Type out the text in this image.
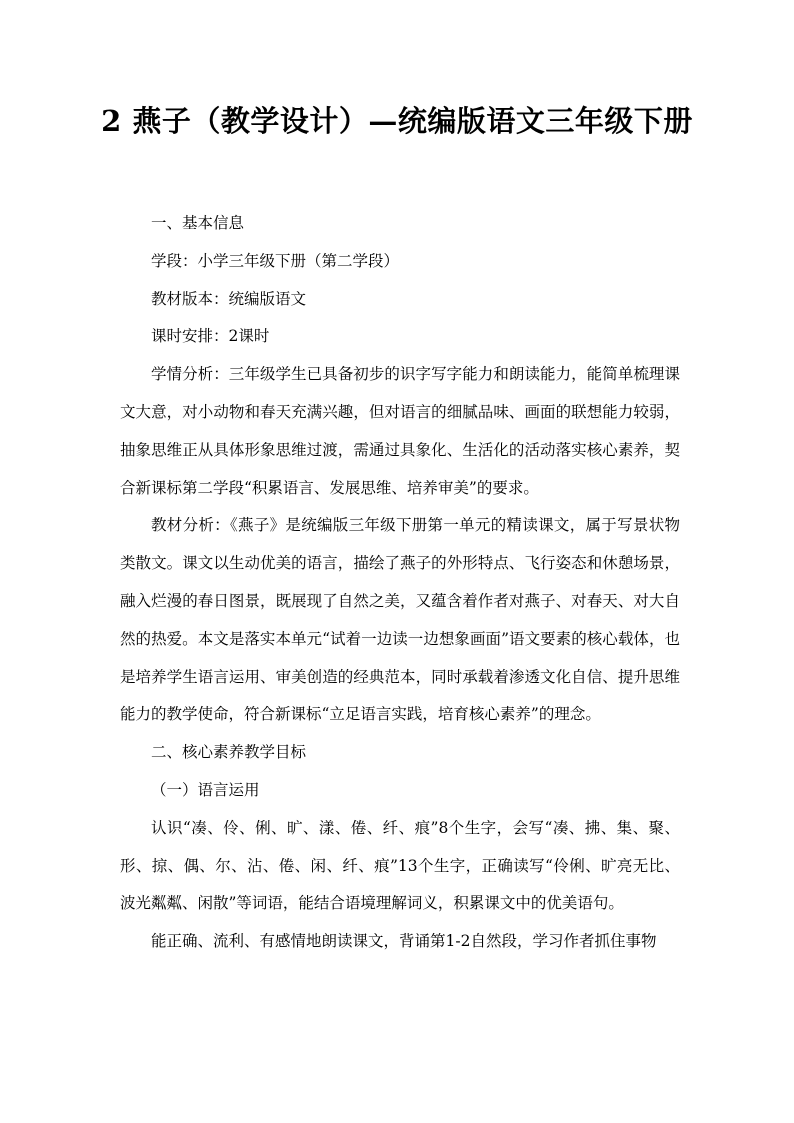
2 燕子（教学设计）—统编版语文三年级下册

一、基本信息

学段：小学三年级下册（第二学段）

教材版本：统编版语文

课时安排：2课时

学情分析：三年级学生已具备初步的识字写字能力和朗读能力，能简单梳理课文大意，对小动物和春天充满兴趣，但对语言的细腻品味、画面的联想能力较弱，抽象思维正从具体形象思维过渡，需通过具象化、生活化的活动落实核心素养，契合新课标第二学段“积累语言、发展思维、培养审美”的要求。

教材分析：《燕子》是统编版三年级下册第一单元的精读课文，属于写景状物类散文。课文以生动优美的语言，描绘了燕子的外形特点、飞行姿态和休憩场景，融入烂漫的春日图景，既展现了自然之美，又蕴含着作者对燕子、对春天、对大自然的热爱。本文是落实本单元“试着一边读一边想象画面”语文要素的核心载体，也是培养学生语言运用、审美创造的经典范本，同时承载着渗透文化自信、提升思维能力的教学使命，符合新课标“立足语言实践，培育核心素养”的理念。

二、核心素养教学目标

（一）语言运用

认识“凑、伶、俐、旷、漾、倦、纤、痕”8个生字，会写“凑、拂、集、聚、形、掠、偶、尔、沾、倦、闲、纤、痕”13个生字，正确读写“伶俐、旷亮无比、波光粼粼、闲散”等词语，能结合语境理解词义，积累课文中的优美语句。

能正确、流利、有感情地朗读课文，背诵第1-2自然段，学习作者抓住事物
